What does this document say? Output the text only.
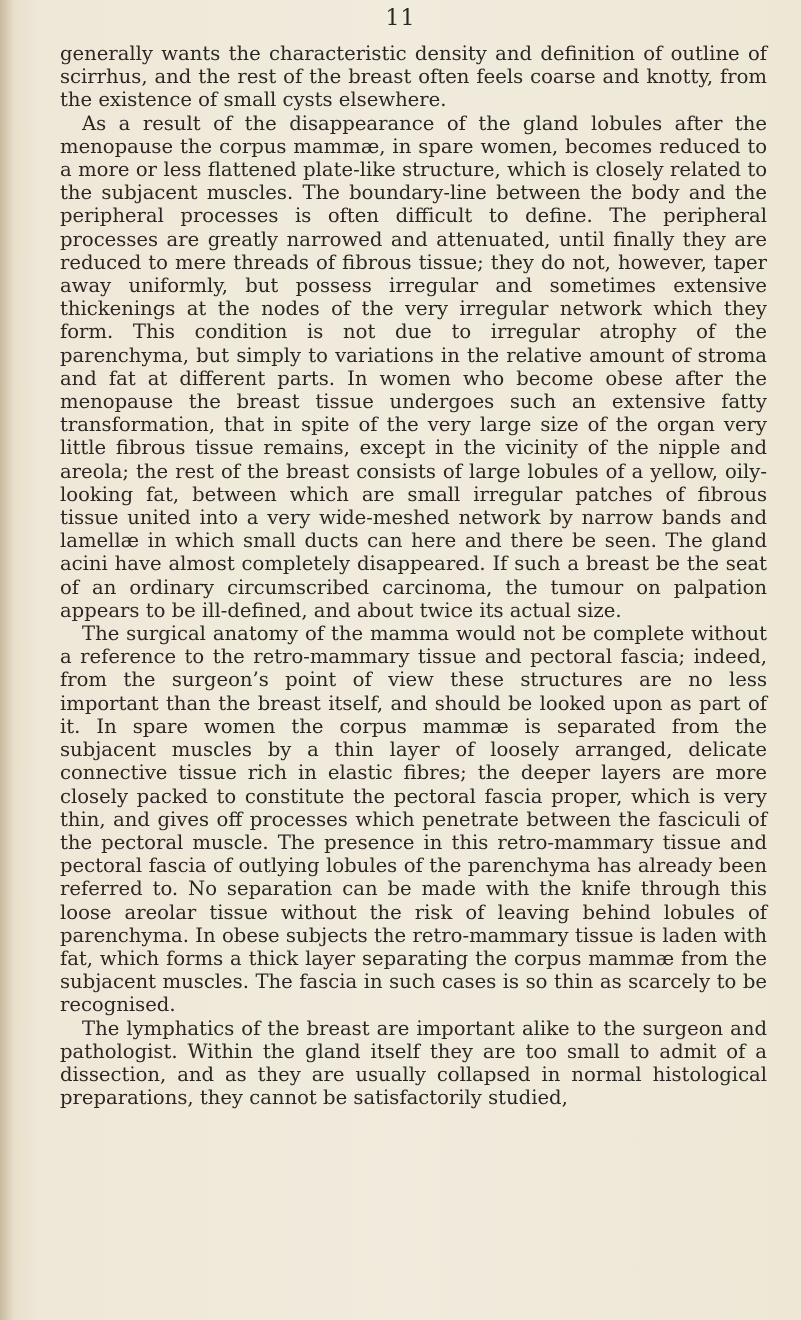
11

generally wants the characteristic density and definition of outline of scirrhus, and the rest of the breast often feels coarse and knotty, from the existence of small cysts elsewhere.

As a result of the disappearance of the gland lobules after the menopause the corpus mammæ, in spare women, becomes reduced to a more or less flattened plate-like structure, which is closely related to the subjacent muscles. The boundary-line between the body and the peripheral processes is often difficult to define. The peripheral processes are greatly narrowed and attenuated, until finally they are reduced to mere threads of fibrous tissue; they do not, however, taper away uniformly, but possess irregular and sometimes extensive thickenings at the nodes of the very irregular network which they form. This condition is not due to irregular atrophy of the parenchyma, but simply to variations in the relative amount of stroma and fat at different parts. In women who become obese after the menopause the breast tissue undergoes such an extensive fatty transformation, that in spite of the very large size of the organ very little fibrous tissue remains, except in the vicinity of the nipple and areola; the rest of the breast consists of large lobules of a yellow, oily-looking fat, between which are small irregular patches of fibrous tissue united into a very wide-meshed network by narrow bands and lamellæ in which small ducts can here and there be seen. The gland acini have almost completely disappeared. If such a breast be the seat of an ordinary circumscribed carcinoma, the tumour on palpation appears to be ill-defined, and about twice its actual size.

The surgical anatomy of the mamma would not be complete without a reference to the retro-mammary tissue and pectoral fascia; indeed, from the surgeon’s point of view these structures are no less important than the breast itself, and should be looked upon as part of it. In spare women the corpus mammæ is separated from the subjacent muscles by a thin layer of loosely arranged, delicate connective tissue rich in elastic fibres; the deeper layers are more closely packed to constitute the pectoral fascia proper, which is very thin, and gives off processes which penetrate between the fasciculi of the pectoral muscle. The presence in this retro-mammary tissue and pectoral fascia of outlying lobules of the parenchyma has already been referred to. No separation can be made with the knife through this loose areolar tissue without the risk of leaving behind lobules of parenchyma. In obese subjects the retro-mammary tissue is laden with fat, which forms a thick layer separating the corpus mammæ from the subjacent muscles. The fascia in such cases is so thin as scarcely to be recognised.

The lymphatics of the breast are important alike to the surgeon and pathologist. Within the gland itself they are too small to admit of a dissection, and as they are usually collapsed in normal histological preparations, they cannot be satisfactorily studied,
